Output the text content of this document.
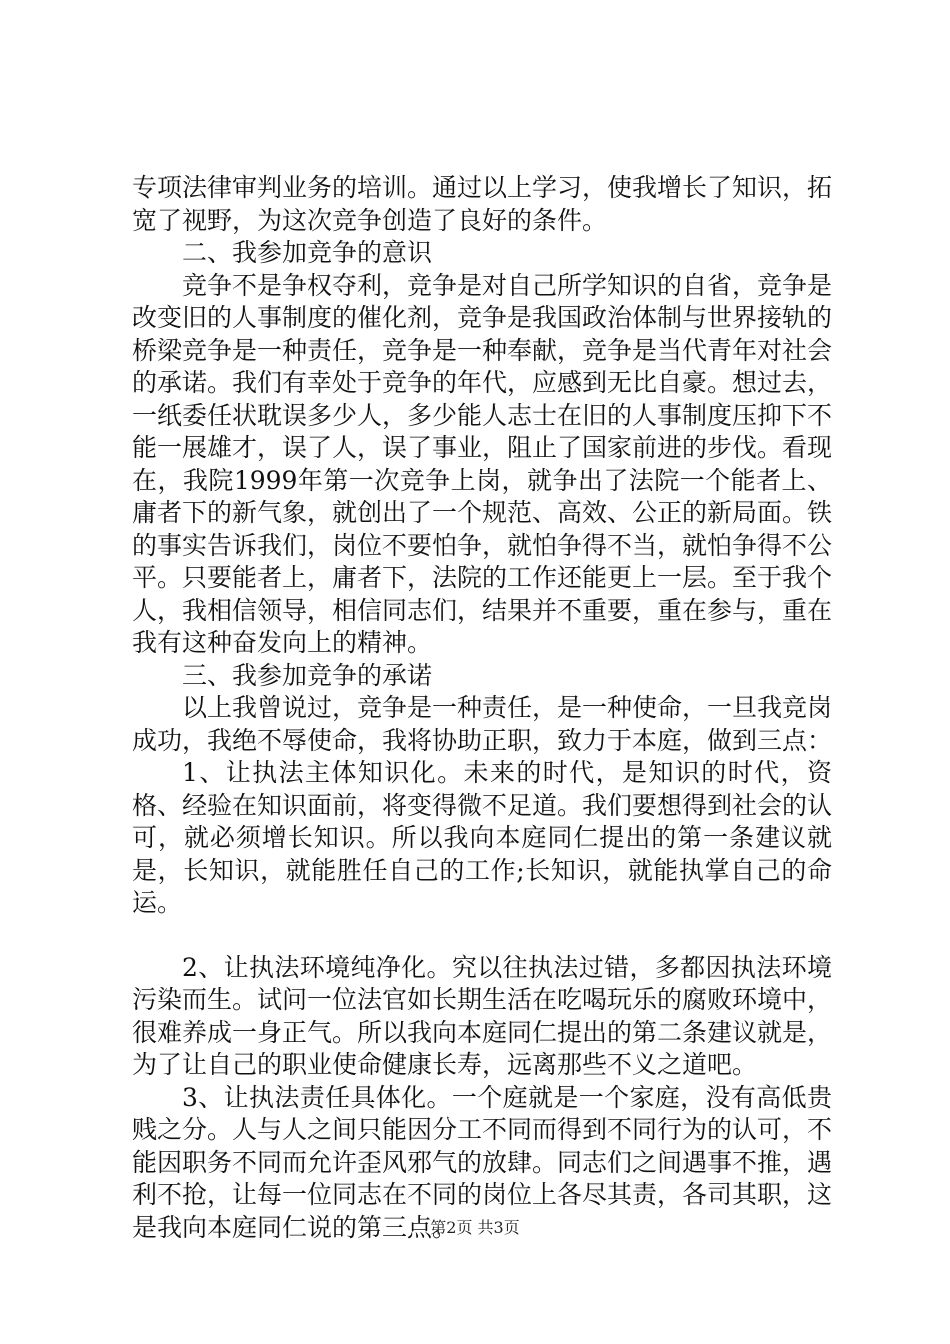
专项法律审判业务的培训。通过以上学习，使我增长了知识，拓宽了视野，为这次竞争创造了良好的条件。

二、我参加竞争的意识

竞争不是争权夺利，竞争是对自己所学知识的自省，竞争是改变旧的人事制度的催化剂，竞争是我国政治体制与世界接轨的桥梁竞争是一种责任，竞争是一种奉献，竞争是当代青年对社会的承诺。我们有幸处于竞争的年代，应感到无比自豪。想过去，一纸委任状耽误多少人，多少能人志士在旧的人事制度压抑下不能一展雄才，误了人，误了事业，阻止了国家前进的步伐。看现在，我院1999年第一次竞争上岗，就争出了法院一个能者上、庸者下的新气象，就创出了一个规范、高效、公正的新局面。铁的事实告诉我们，岗位不要怕争，就怕争得不当，就怕争得不公平。只要能者上，庸者下，法院的工作还能更上一层。至于我个人，我相信领导，相信同志们，结果并不重要，重在参与，重在我有这种奋发向上的精神。

三、我参加竞争的承诺

以上我曾说过，竞争是一种责任，是一种使命，一旦我竞岗成功，我绝不辱使命，我将协助正职，致力于本庭，做到三点：

1、让执法主体知识化。未来的时代，是知识的时代，资格、经验在知识面前，将变得微不足道。我们要想得到社会的认可，就必须增长知识。所以我向本庭同仁提出的第一条建议就是，长知识，就能胜任自己的工作;长知识，就能执掌自己的命运。

2、让执法环境纯净化。究以往执法过错，多都因执法环境污染而生。试问一位法官如长期生活在吃喝玩乐的腐败环境中，很难养成一身正气。所以我向本庭同仁提出的第二条建议就是，为了让自己的职业使命健康长寿，远离那些不义之道吧。

3、让执法责任具体化。一个庭就是一个家庭，没有高低贵贱之分。人与人之间只能因分工不同而得到不同行为的认可，不能因职务不同而允许歪风邪气的放肆。同志们之间遇事不推，遇利不抢，让每一位同志在不同的岗位上各尽其责，各司其职，这是我向本庭同仁说的第三点。

第2页 共3页
